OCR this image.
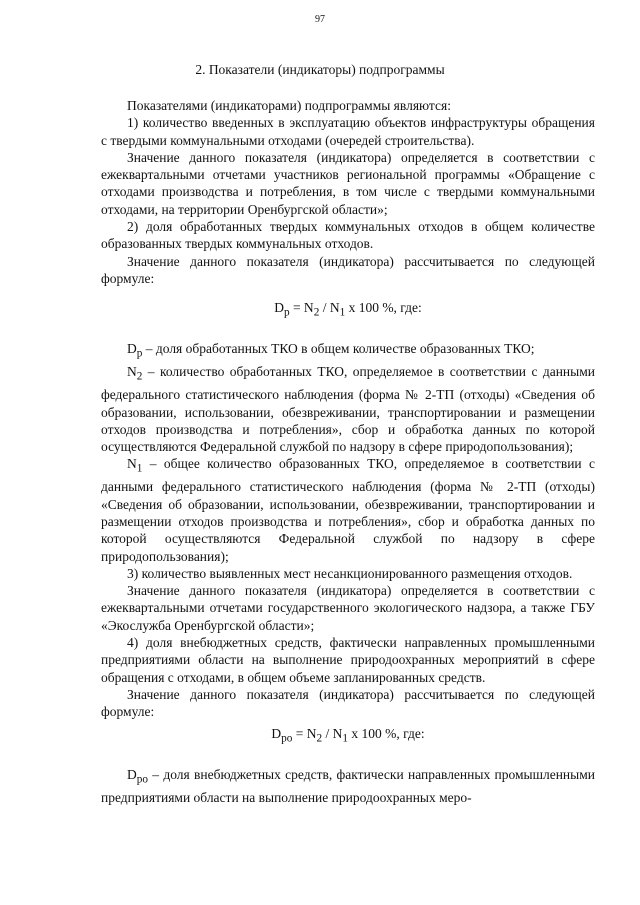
97
2. Показатели (индикаторы) подпрограммы

Показателями (индикаторами) подпрограммы являются:

1) количество введенных в эксплуатацию объектов инфраструктуры обращения с твердыми коммунальными отходами (очередей строительства).

Значение данного показателя (индикатора) определяется в соответствии с ежеквартальными отчетами участников региональной программы «Обращение с отходами производства и потребления, в том числе с твердыми коммунальными отходами, на территории Оренбургской области»;

2) доля обработанных твердых коммунальных отходов в общем количестве образованных твердых коммунальных отходов.

Значение данного показателя (индикатора) рассчитывается по следующей формуле:

$D_р = N_2 / N_1$ x 100 %, где:

$D_р$ – доля обработанных ТКО в общем количестве образованных ТКО;

$N_2$ – количество обработанных ТКО, определяемое в соответствии с данными федерального статистического наблюдения (форма № 2-ТП (отходы) «Сведения об образовании, использовании, обезвреживании, транспортировании и размещении отходов производства и потребления», сбор и обработка данных по которой осуществляются Федеральной службой по надзору в сфере природопользования);

$N_1$ – общее количество образованных ТКО, определяемое в соответствии с данными федерального статистического наблюдения (форма № 2-ТП (отходы) «Сведения об образовании, использовании, обезвреживании, транспортировании и размещении отходов производства и потребления», сбор и обработка данных по которой осуществляются Федеральной службой по надзору в сфере природопользования);

3) количество выявленных мест несанкционированного размещения отходов.

Значение данного показателя (индикатора) определяется в соответствии с ежеквартальными отчетами государственного экологического надзора, а также ГБУ «Экослужба Оренбургской области»;

4) доля внебюджетных средств, фактически направленных промышленными предприятиями области на выполнение природоохранных мероприятий в сфере обращения с отходами, в общем объеме запланированных средств.

Значение данного показателя (индикатора) рассчитывается по следующей формуле:

$D_{ро} = N_2 / N_1$ x 100 %, где:

$D_{ро}$ – доля внебюджетных средств, фактически направленных промышленными предприятиями области на выполнение природоохранных меро-
